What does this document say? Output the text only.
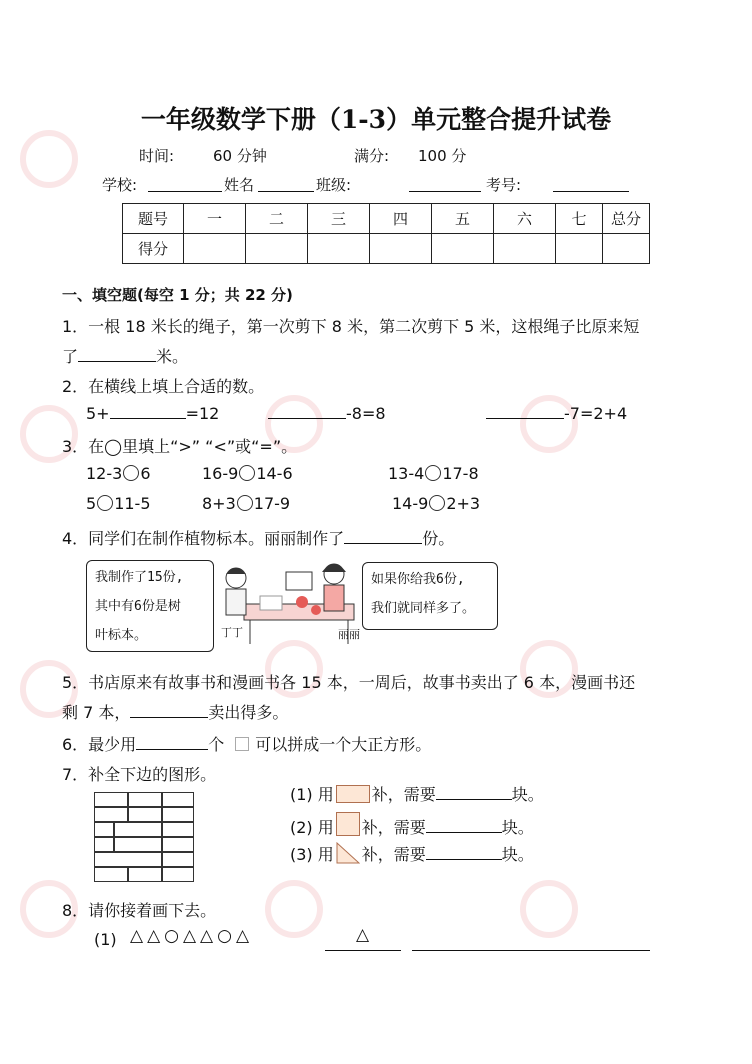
一年级数学下册（1-3）单元整合提升试卷
时间:	60 分钟	满分: 100 分
学校:	姓名	班级:	考号:
题号	一	二	三	四	五	六	七	总分
得分								
一、填空题(每空 1 分；共 22 分)
1．一根 18 米长的绳子，第一次剪下 8 米，第二次剪下 5 米，这根绳子比原来短
了	米。
2．在横线上填上合适的数。
5+	=12	-8=8	-7=2+4
3．在◯里填上“>” “<”或“=”。
12-3 6	16-9 14-6	13-4 17-8
5 11-5	8+3 17-9	14-9 2+3
4．同学们在制作植物标本。丽丽制作了	份。
我制作了15份,
其中有6份是树
叶标本。	丁丁	丽丽
如果你给我6份,
我们就同样多了。
5．书店原来有故事书和漫画书各 15 本，一周后，故事书卖出了 6 本，漫画书还
剩 7 本，	卖出得多。
6．最少用	个 可以拼成一个大正方形。
7．补全下边的图形。
(1) 用 补，需要	块。
(2) 用 补，需要	块。
(3) 用 补，需要	块。
8．请你接着画下去。
(1) △△○△△○△	△
